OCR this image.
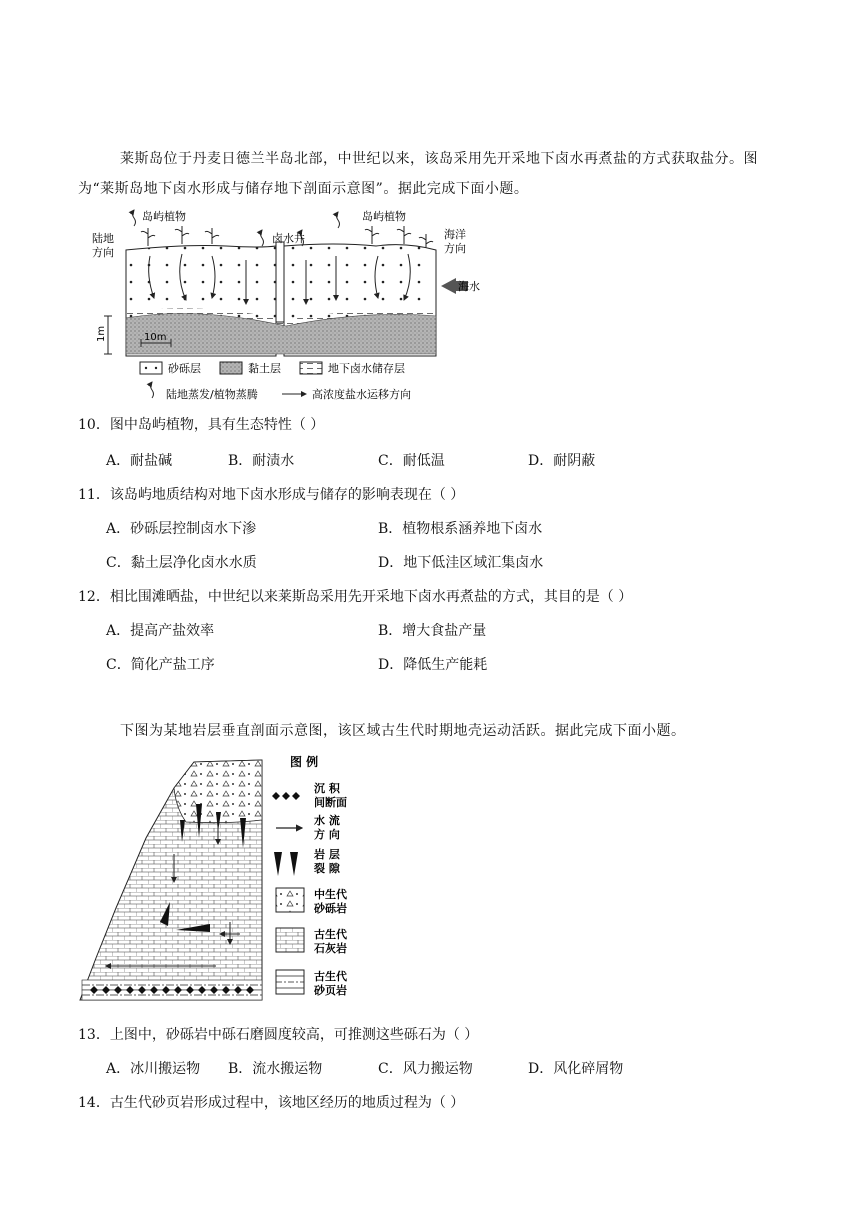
莱斯岛位于丹麦日德兰半岛北部，中世纪以来，该岛采用先开采地下卤水再煮盐的方式获取盐分。图
为“莱斯岛地下卤水形成与储存地下剖面示意图”。据此完成下面小题。
10m
1m
陆地
方向
岛屿植物	岛屿植物
卤水井	海洋
方向
海水
砂砾层	黏土层	地下卤水储存层
陆地蒸发/植物蒸腾	高浓度盐水运移方向
10．图中岛屿植物，具有生态特性（ ）
A．耐盐碱	B．耐渍水	C．耐低温	D．耐阴蔽
11．该岛屿地质结构对地下卤水形成与储存的影响表现在（ ）
A．砂砾层控制卤水下渗	B．植物根系涵养地下卤水
C．黏土层净化卤水水质	D．地下低洼区域汇集卤水
12．相比围滩晒盐，中世纪以来莱斯岛采用先开采地下卤水再煮盐的方式，其目的是（ ）
A．提高产盐效率	B．增大食盐产量
C．简化产盐工序	D．降低生产能耗
下图为某地岩层垂直剖面示意图，该区域古生代时期地壳运动活跃。据此完成下面小题。
图 例
沉 积
间断面
水 流
方 向
岩 层
裂 隙
中生代
砂砾岩
古生代
石灰岩
古生代
砂页岩
13．上图中，砂砾岩中砾石磨圆度较高，可推测这些砾石为（ ）
A．冰川搬运物 B．流水搬运物	C．风力搬运物	D．风化碎屑物
14．古生代砂页岩形成过程中，该地区经历的地质过程为（ ）
